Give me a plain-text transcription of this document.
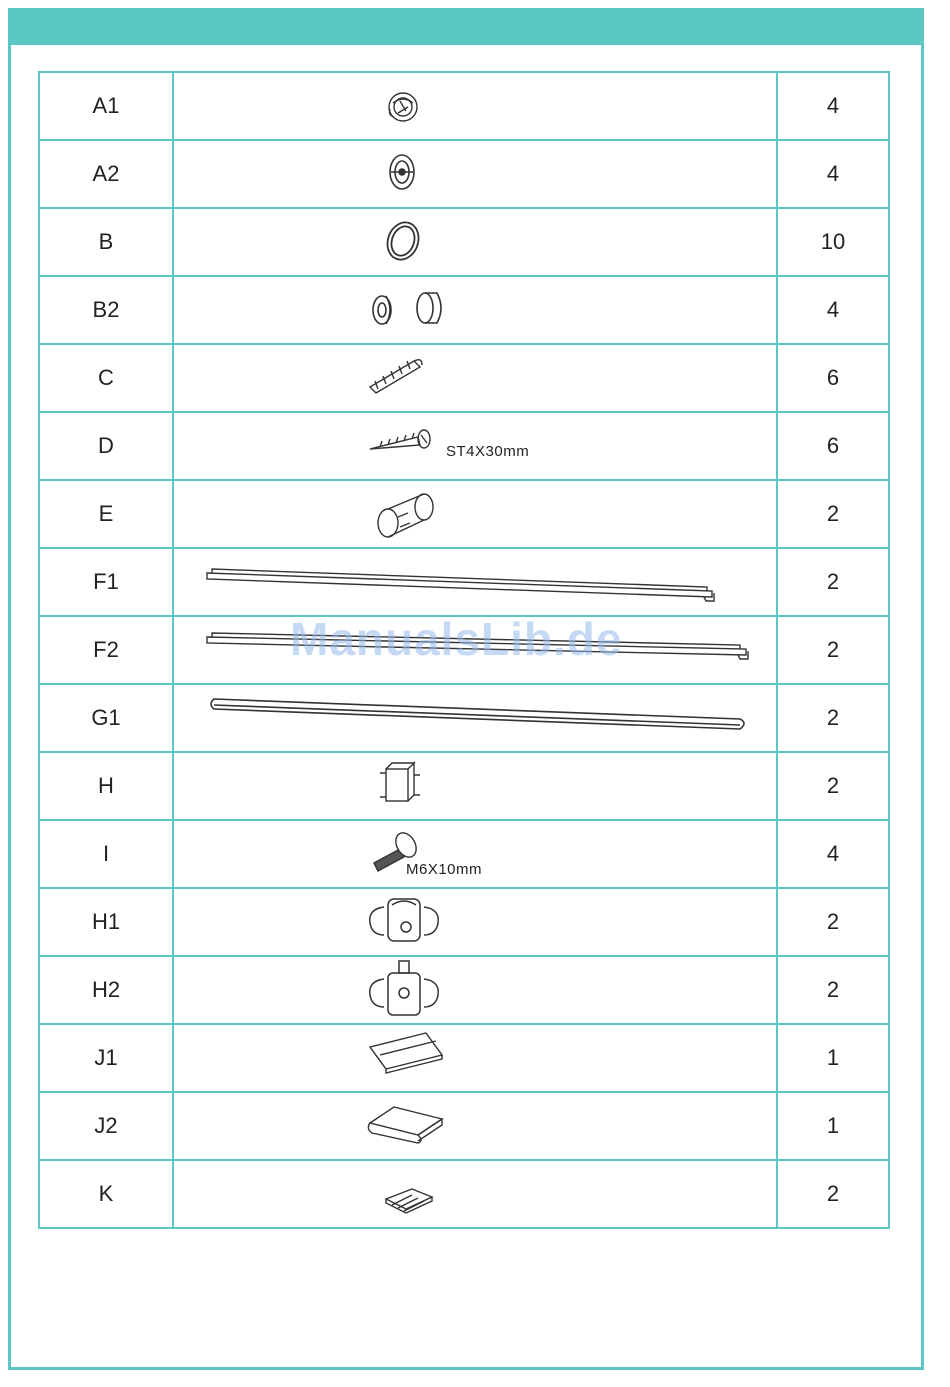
A1		4
A2		4
B		10
B2		4
C		6
D	ST4X30mm	6
E		2
F1		2
F2		2
G1		2
H		2
I	M6X10mm	4
H1		2
H2		2
J1		1
J2		1
K		2
ManualsLib.de
